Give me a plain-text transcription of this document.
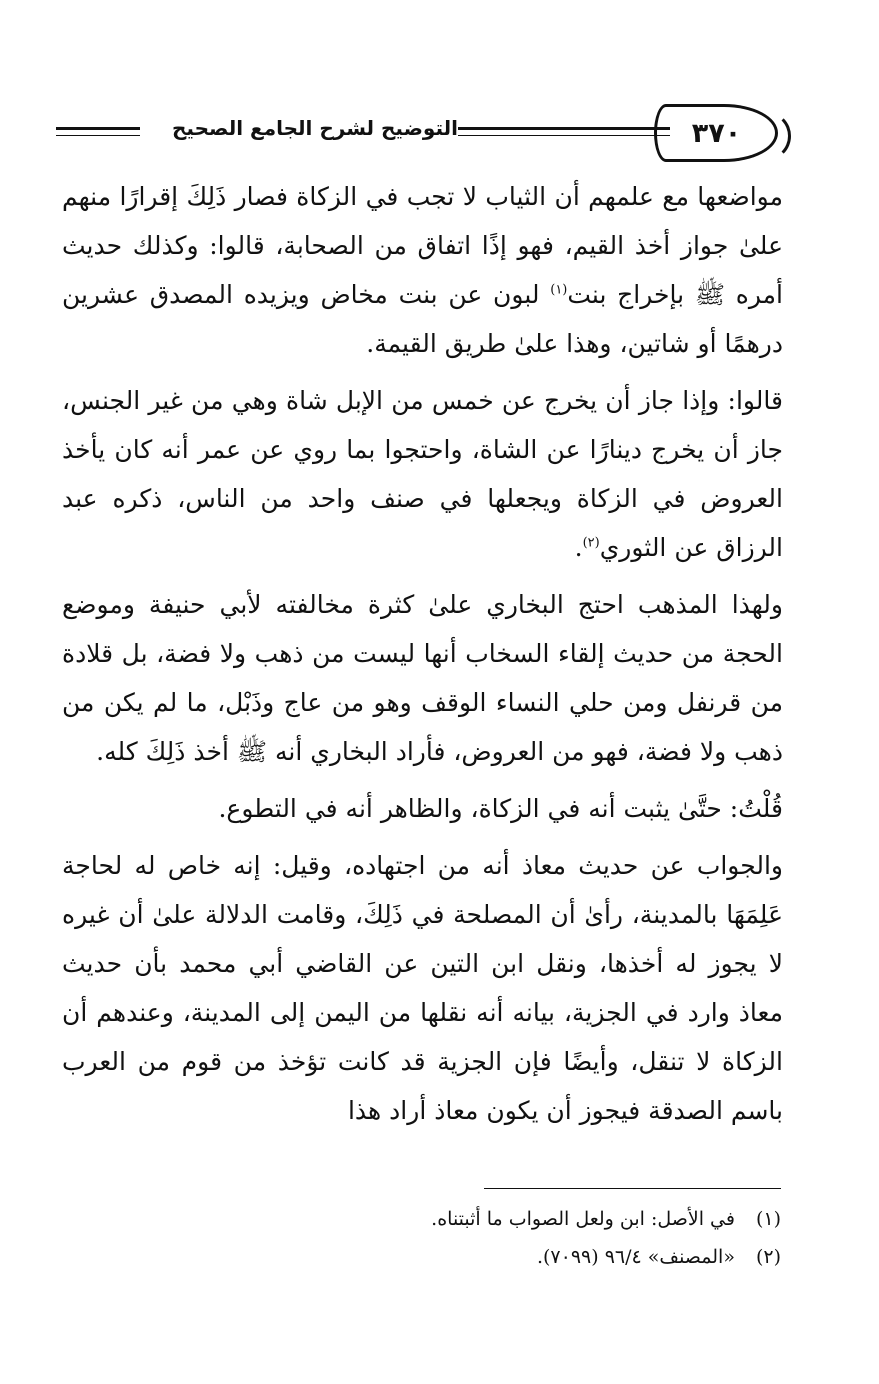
٣٧٠
التوضيح لشرح الجامع الصحيح

مواضعها مع علمهم أن الثياب لا تجب في الزكاة فصار ذَلِكَ إقرارًا منهم علىٰ جواز أخذ القيم، فهو إذًا اتفاق من الصحابة، قالوا: وكذلك حديث أمره ﷺ بإخراج بنت$^{(١)}$ لبون عن بنت مخاض ويزيده المصدق عشرين درهمًا أو شاتين، وهذا علىٰ طريق القيمة.

قالوا: وإذا جاز أن يخرج عن خمس من الإبل شاة وهي من غير الجنس، جاز أن يخرج دينارًا عن الشاة، واحتجوا بما روي عن عمر أنه كان يأخذ العروض في الزكاة ويجعلها في صنف واحد من الناس، ذكره عبد الرزاق عن الثوري$^{(٢)}$.

ولهذا المذهب احتج البخاري علىٰ كثرة مخالفته لأبي حنيفة وموضع الحجة من حديث إلقاء السخاب أنها ليست من ذهب ولا فضة، بل قلادة من قرنفل ومن حلي النساء الوقف وهو من عاج وذَبْل، ما لم يكن من ذهب ولا فضة، فهو من العروض، فأراد البخاري أنه ﷺ أخذ ذَلِكَ كله.

قُلْتُ: حتَّىٰ يثبت أنه في الزكاة، والظاهر أنه في التطوع.

والجواب عن حديث معاذ أنه من اجتهاده، وقيل: إنه خاص له لحاجة عَلِمَهَا بالمدينة، رأىٰ أن المصلحة في ذَلِكَ، وقامت الدلالة علىٰ أن غيره لا يجوز له أخذها، ونقل ابن التين عن القاضي أبي محمد بأن حديث معاذ وارد في الجزية، بيانه أنه نقلها من اليمن إلى المدينة، وعندهم أن الزكاة لا تنقل، وأيضًا فإن الجزية قد كانت تؤخذ من قوم من العرب باسم الصدقة فيجوز أن يكون معاذ أراد هذا

(١) في الأصل: ابن ولعل الصواب ما أثبتناه.
(٢) «المصنف» ٩٦/٤ (٧٠٩٩).
